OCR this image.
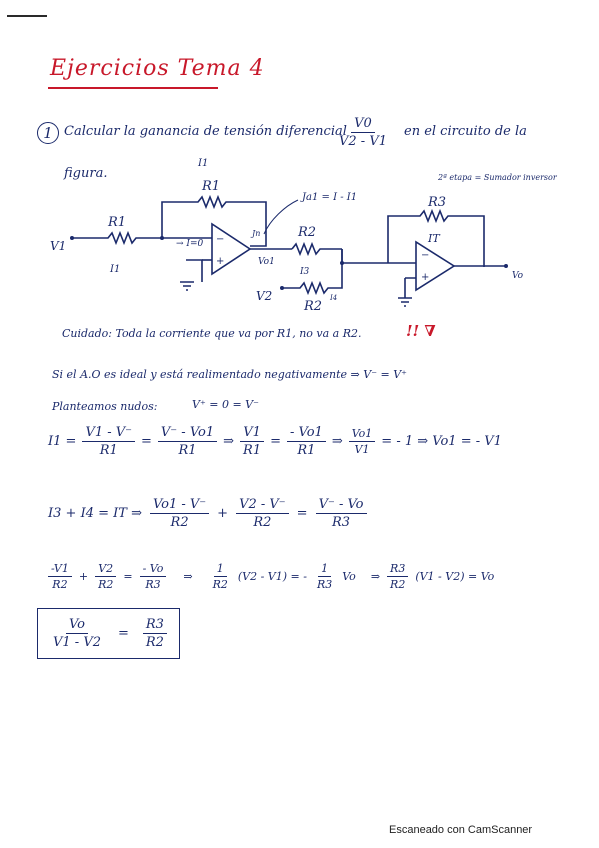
Ejercicios Tema 4
1 Calcular la ganancia de tensión diferencial
$\frac{V0}{V2 - V1}$ en el circuito de la
figura.
I1
R1
R1
V1
I1
→ I=0
Jn
−
+	Vo1
R2
I3
V2
R2
I4
R3
IT
−
+	Vo
Ja1 = I - I1
2ª etapa = Sumador inversor
Cuidado: Toda la corriente que va por R1, no va a R2.	!! ∇
Si el A.O es ideal y está realimentado negativamente ⇒ V⁻ = V⁺
Planteamos nudos:	V⁺ = 0 = V⁻
$I1 = \frac{V1 - V^-}{R1} = \frac{V^- - Vo1}{R1}$ ⇒ $\frac{V1}{R1} = \frac{- Vo1}{R1}$ ⇒ $\frac{Vo1}{V1}$ = - 1 ⇒ Vo1 = - V1
I3 + I4 = IT ⇒ $\frac{Vo1 - V^-}{R2} + \frac{V2 - V^-}{R2} = \frac{V^- - Vo}{R3}$
$\frac{-V1}{R2} + \frac{V2}{R2} = \frac{- Vo}{R3}$ ⇒ $\frac{1}{R2} (V2 - V1)$ = - $\frac{1}{R3}$ Vo ⇒ $\frac{R3}{R2} (V1 - V2) = Vo$
$\frac{Vo}{V1 - V2} = \frac{R3}{R2}$
Escaneado con CamScanner
